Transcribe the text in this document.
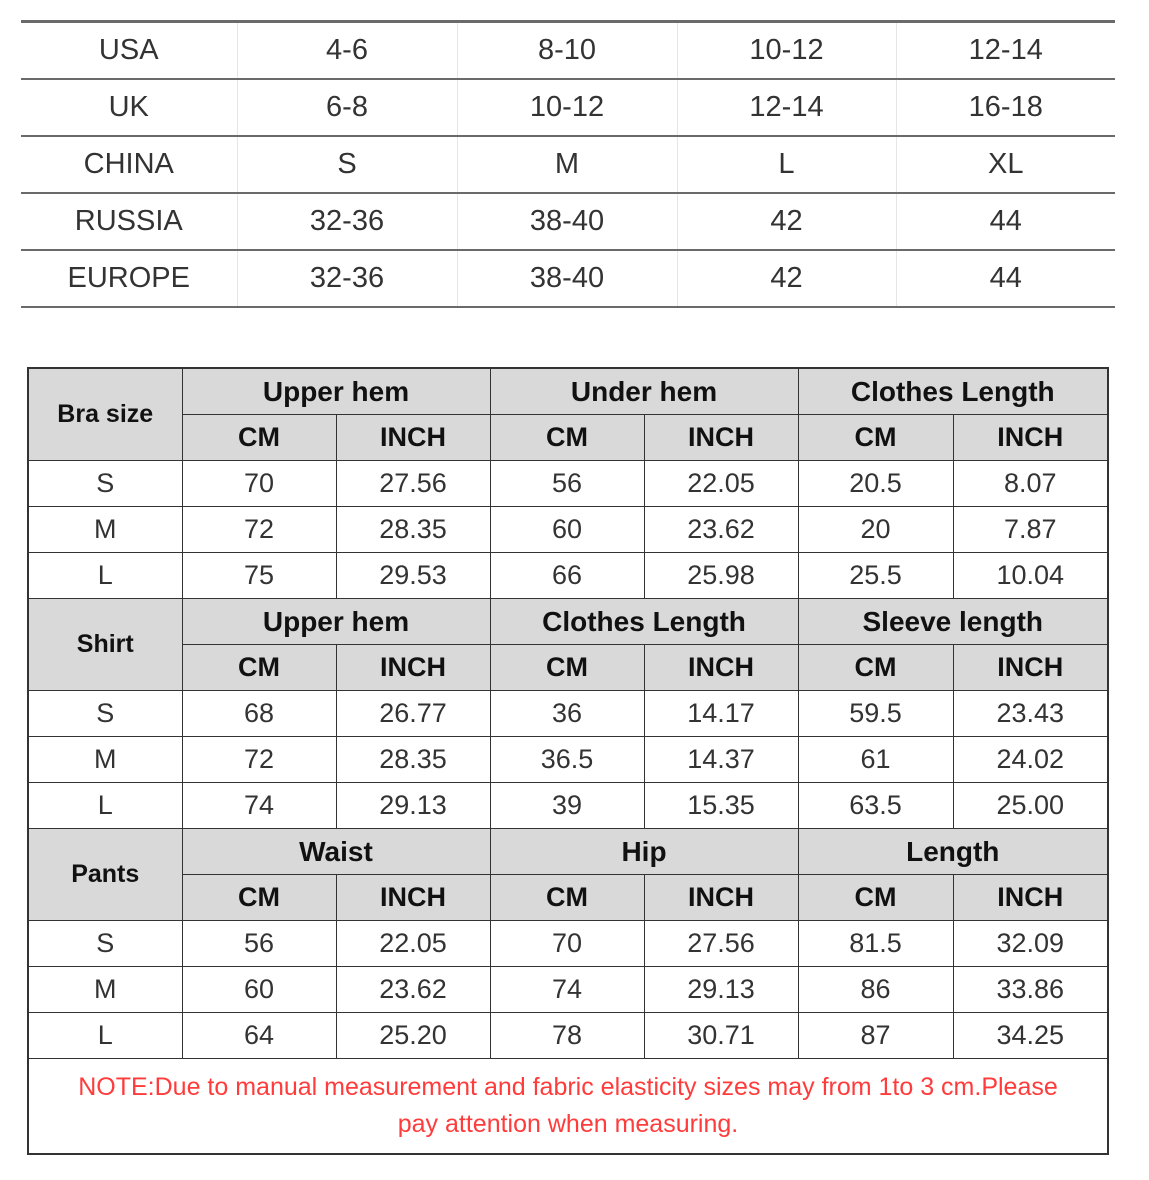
USA	4-6	8-10	10-12	12-14
UK	6-8	10-12	12-14	16-18
CHINA	S	M	L	XL
RUSSIA	32-36	38-40	42	44
EUROPE	32-36	38-40	42	44
Bra size	Upper hem		Under hem		Clothes Length	
	CM	INCH	CM	INCH	CM	INCH
S	70	27.56	56	22.05	20.5	8.07
M	72	28.35	60	23.62	20	7.87
L	75	29.53	66	25.98	25.5	10.04
Shirt	Upper hem		Clothes Length		Sleeve length	
	CM	INCH	CM	INCH	CM	INCH
S	68	26.77	36	14.17	59.5	23.43
M	72	28.35	36.5	14.37	61	24.02
L	74	29.13	39	15.35	63.5	25.00
Pants	Waist		Hip		Length	
	CM	INCH	CM	INCH	CM	INCH
S	56	22.05	70	27.56	81.5	32.09
M	60	23.62	74	29.13	86	33.86
L	64	25.20	78	30.71	87	34.25
NOTE:Due to manual measurement and fabric elasticity sizes may from 1to 3 cm.Please pay attention when measuring.						
